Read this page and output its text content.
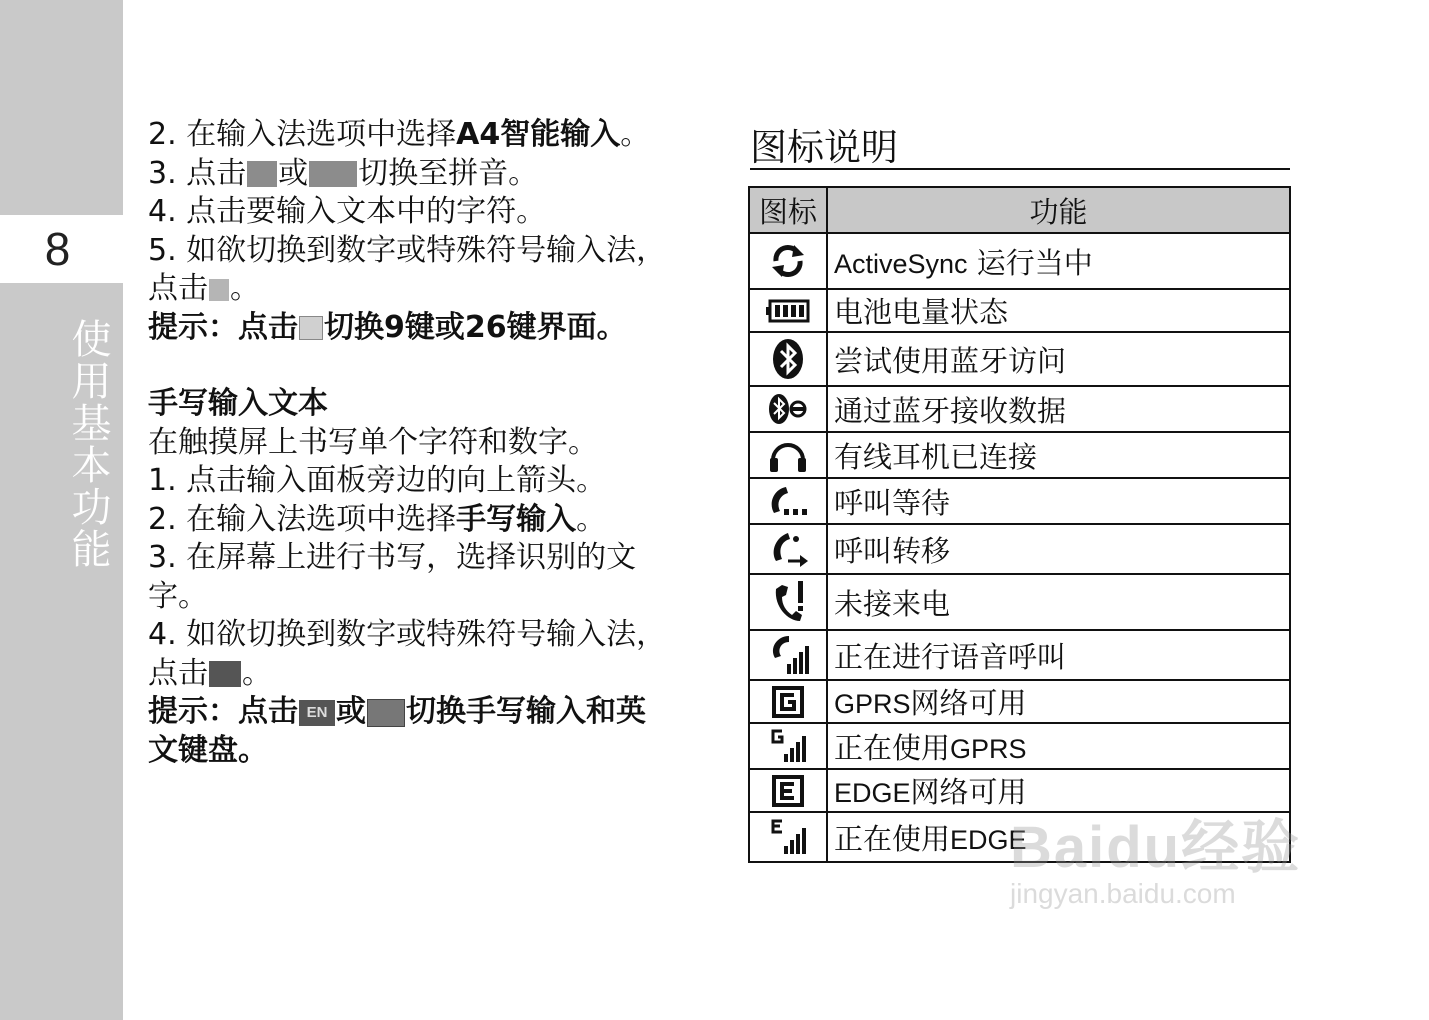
8
使用基本功能
2. 在输入法选项中选择A4智能输入。
3. 点击 或 切换至拼音。
4. 点击要输入文本中的字符。
5. 如欲切换到数字或特殊符号输入法，
点击 。
提示：点击 切换9键或26键界面。
手写输入文本
在触摸屏上书写单个字符和数字。
1. 点击输入面板旁边的向上箭头。
2. 在输入法选项中选择手写输入。
3. 在屏幕上进行书写，选择识别的文
字。
4. 如欲切换到数字或特殊符号输入法，
点击 。
提示：点击 EN 或 切换手写输入和英
文键盘。
图标说明
图标	功能

	ActiveSync 运行当中

	电池电量状态

	尝试使用蓝牙访问

	通过蓝牙接收数据

	有线耳机已连接

	呼叫等待

	呼叫转移

	未接来电

	正在进行语音呼叫

	GPRS网络可用

	正在使用GPRS

	EDGE网络可用

	正在使用EDGE
Baidu经验
jingyan.baidu.com
